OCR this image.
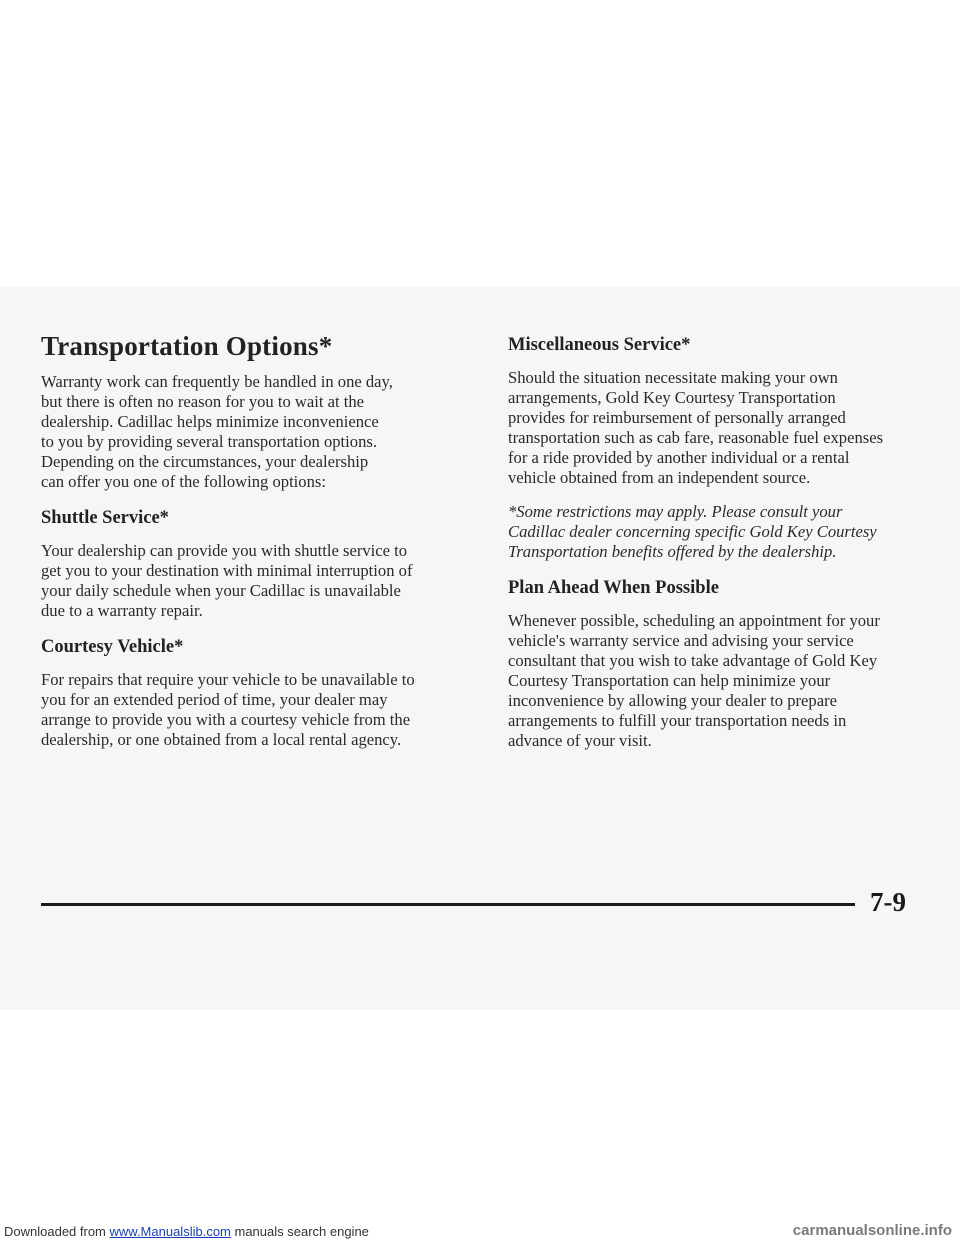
Transportation Options*

Warranty work can frequently be handled in one day,
but there is often no reason for you to wait at the
dealership. Cadillac helps minimize inconvenience
to you by providing several transportation options.
Depending on the circumstances, your dealership
can offer you one of the following options:

Shuttle Service*

Your dealership can provide you with shuttle service to
get you to your destination with minimal interruption of
your daily schedule when your Cadillac is unavailable
due to a warranty repair.

Courtesy Vehicle*

For repairs that require your vehicle to be unavailable to
you for an extended period of time, your dealer may
arrange to provide you with a courtesy vehicle from the
dealership, or one obtained from a local rental agency.

Miscellaneous Service*

Should the situation necessitate making your own
arrangements, Gold Key Courtesy Transportation
provides for reimbursement of personally arranged
transportation such as cab fare, reasonable fuel expenses
for a ride provided by another individual or a rental
vehicle obtained from an independent source.

*Some restrictions may apply. Please consult your
Cadillac dealer concerning specific Gold Key Courtesy
Transportation benefits offered by the dealership.

Plan Ahead When Possible

Whenever possible, scheduling an appointment for your
vehicle's warranty service and advising your service
consultant that you wish to take advantage of Gold Key
Courtesy Transportation can help minimize your
inconvenience by allowing your dealer to prepare
arrangements to fulfill your transportation needs in
advance of your visit.

7-9
Downloaded from www.Manualslib.com manuals search engine	carmanualsonline.info
